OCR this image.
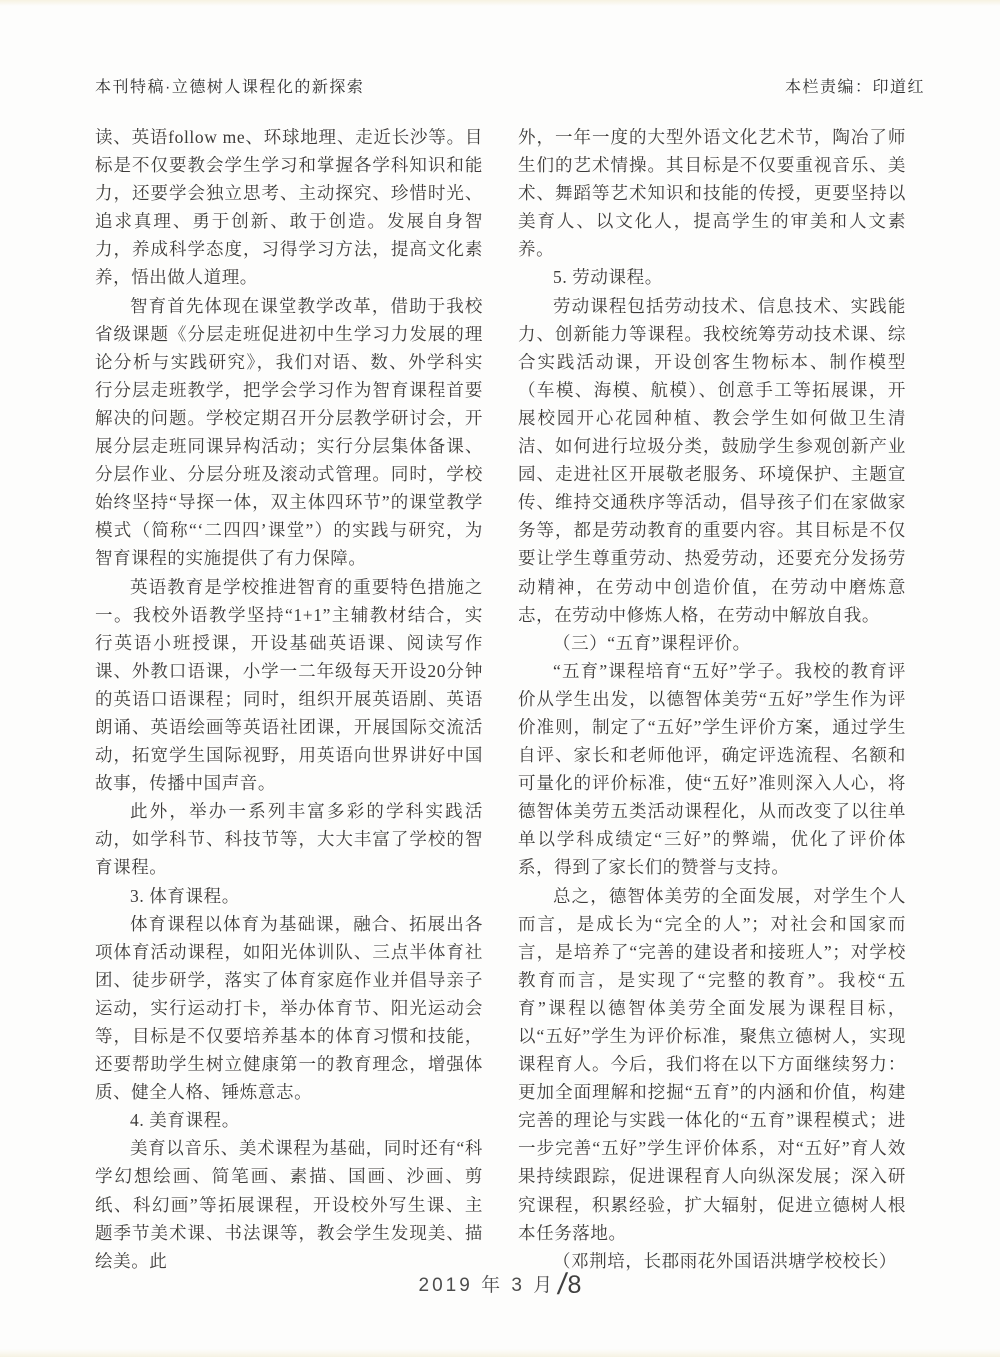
本刊特稿·立德树人课程化的新探索	本栏责编：印道红

读、英语follow me、环球地理、走近长沙等。目标是不仅要教会学生学习和掌握各学科知识和能力，还要学会独立思考、主动探究、珍惜时光、追求真理、勇于创新、敢于创造。发展自身智力，养成科学态度，习得学习方法，提高文化素养，悟出做人道理。

智育首先体现在课堂教学改革，借助于我校省级课题《分层走班促进初中生学习力发展的理论分析与实践研究》，我们对语、数、外学科实行分层走班教学，把学会学习作为智育课程首要解决的问题。学校定期召开分层教学研讨会，开展分层走班同课异构活动；实行分层集体备课、分层作业、分层分班及滚动式管理。同时，学校始终坚持“导探一体，双主体四环节”的课堂教学模式（简称“‘二四四’课堂”）的实践与研究，为智育课程的实施提供了有力保障。

英语教育是学校推进智育的重要特色措施之一。我校外语教学坚持“1+1”主辅教材结合，实行英语小班授课，开设基础英语课、阅读写作课、外教口语课，小学一二年级每天开设20分钟的英语口语课程；同时，组织开展英语剧、英语朗诵、英语绘画等英语社团课，开展国际交流活动，拓宽学生国际视野，用英语向世界讲好中国故事，传播中国声音。

此外，举办一系列丰富多彩的学科实践活动，如学科节、科技节等，大大丰富了学校的智育课程。

3. 体育课程。

体育课程以体育为基础课，融合、拓展出各项体育活动课程，如阳光体训队、三点半体育社团、徒步研学，落实了体育家庭作业并倡导亲子运动，实行运动打卡，举办体育节、阳光运动会等，目标是不仅要培养基本的体育习惯和技能，还要帮助学生树立健康第一的教育理念，增强体质、健全人格、锤炼意志。

4. 美育课程。

美育以音乐、美术课程为基础，同时还有“科学幻想绘画、简笔画、素描、国画、沙画、剪纸、科幻画”等拓展课程，开设校外写生课、主题季节美术课、书法课等，教会学生发现美、描绘美。此

外，一年一度的大型外语文化艺术节，陶冶了师生们的艺术情操。其目标是不仅要重视音乐、美术、舞蹈等艺术知识和技能的传授，更要坚持以美育人、以文化人，提高学生的审美和人文素养。

5. 劳动课程。

劳动课程包括劳动技术、信息技术、实践能力、创新能力等课程。我校统筹劳动技术课、综合实践活动课，开设创客生物标本、制作模型（车模、海模、航模）、创意手工等拓展课，开展校园开心花园种植、教会学生如何做卫生清洁、如何进行垃圾分类，鼓励学生参观创新产业园、走进社区开展敬老服务、环境保护、主题宣传、维持交通秩序等活动，倡导孩子们在家做家务等，都是劳动教育的重要内容。其目标是不仅要让学生尊重劳动、热爱劳动，还要充分发扬劳动精神，在劳动中创造价值，在劳动中磨炼意志，在劳动中修炼人格，在劳动中解放自我。

（三）“五育”课程评价。

“五育”课程培育“五好”学子。我校的教育评价从学生出发，以德智体美劳“五好”学生作为评价准则，制定了“五好”学生评价方案，通过学生自评、家长和老师他评，确定评选流程、名额和可量化的评价标准，使“五好”准则深入人心，将德智体美劳五类活动课程化，从而改变了以往单单以学科成绩定“三好”的弊端，优化了评价体系，得到了家长们的赞誉与支持。

总之，德智体美劳的全面发展，对学生个人而言，是成长为“完全的人”；对社会和国家而言，是培养了“完善的建设者和接班人”；对学校教育而言，是实现了“完整的教育”。我校“五育”课程以德智体美劳全面发展为课程目标，以“五好”学生为评价标准，聚焦立德树人，实现课程育人。今后，我们将在以下方面继续努力：更加全面理解和挖掘“五育”的内涵和价值，构建完善的理论与实践一体化的“五育”课程模式；进一步完善“五好”学生评价体系，对“五好”育人效果持续跟踪，促进课程育人向纵深发展；深入研究课程，积累经验，扩大辐射，促进立德树人根本任务落地。

（邓荆培，长郡雨花外国语洪塘学校校长）

2019 年 3 月/8
